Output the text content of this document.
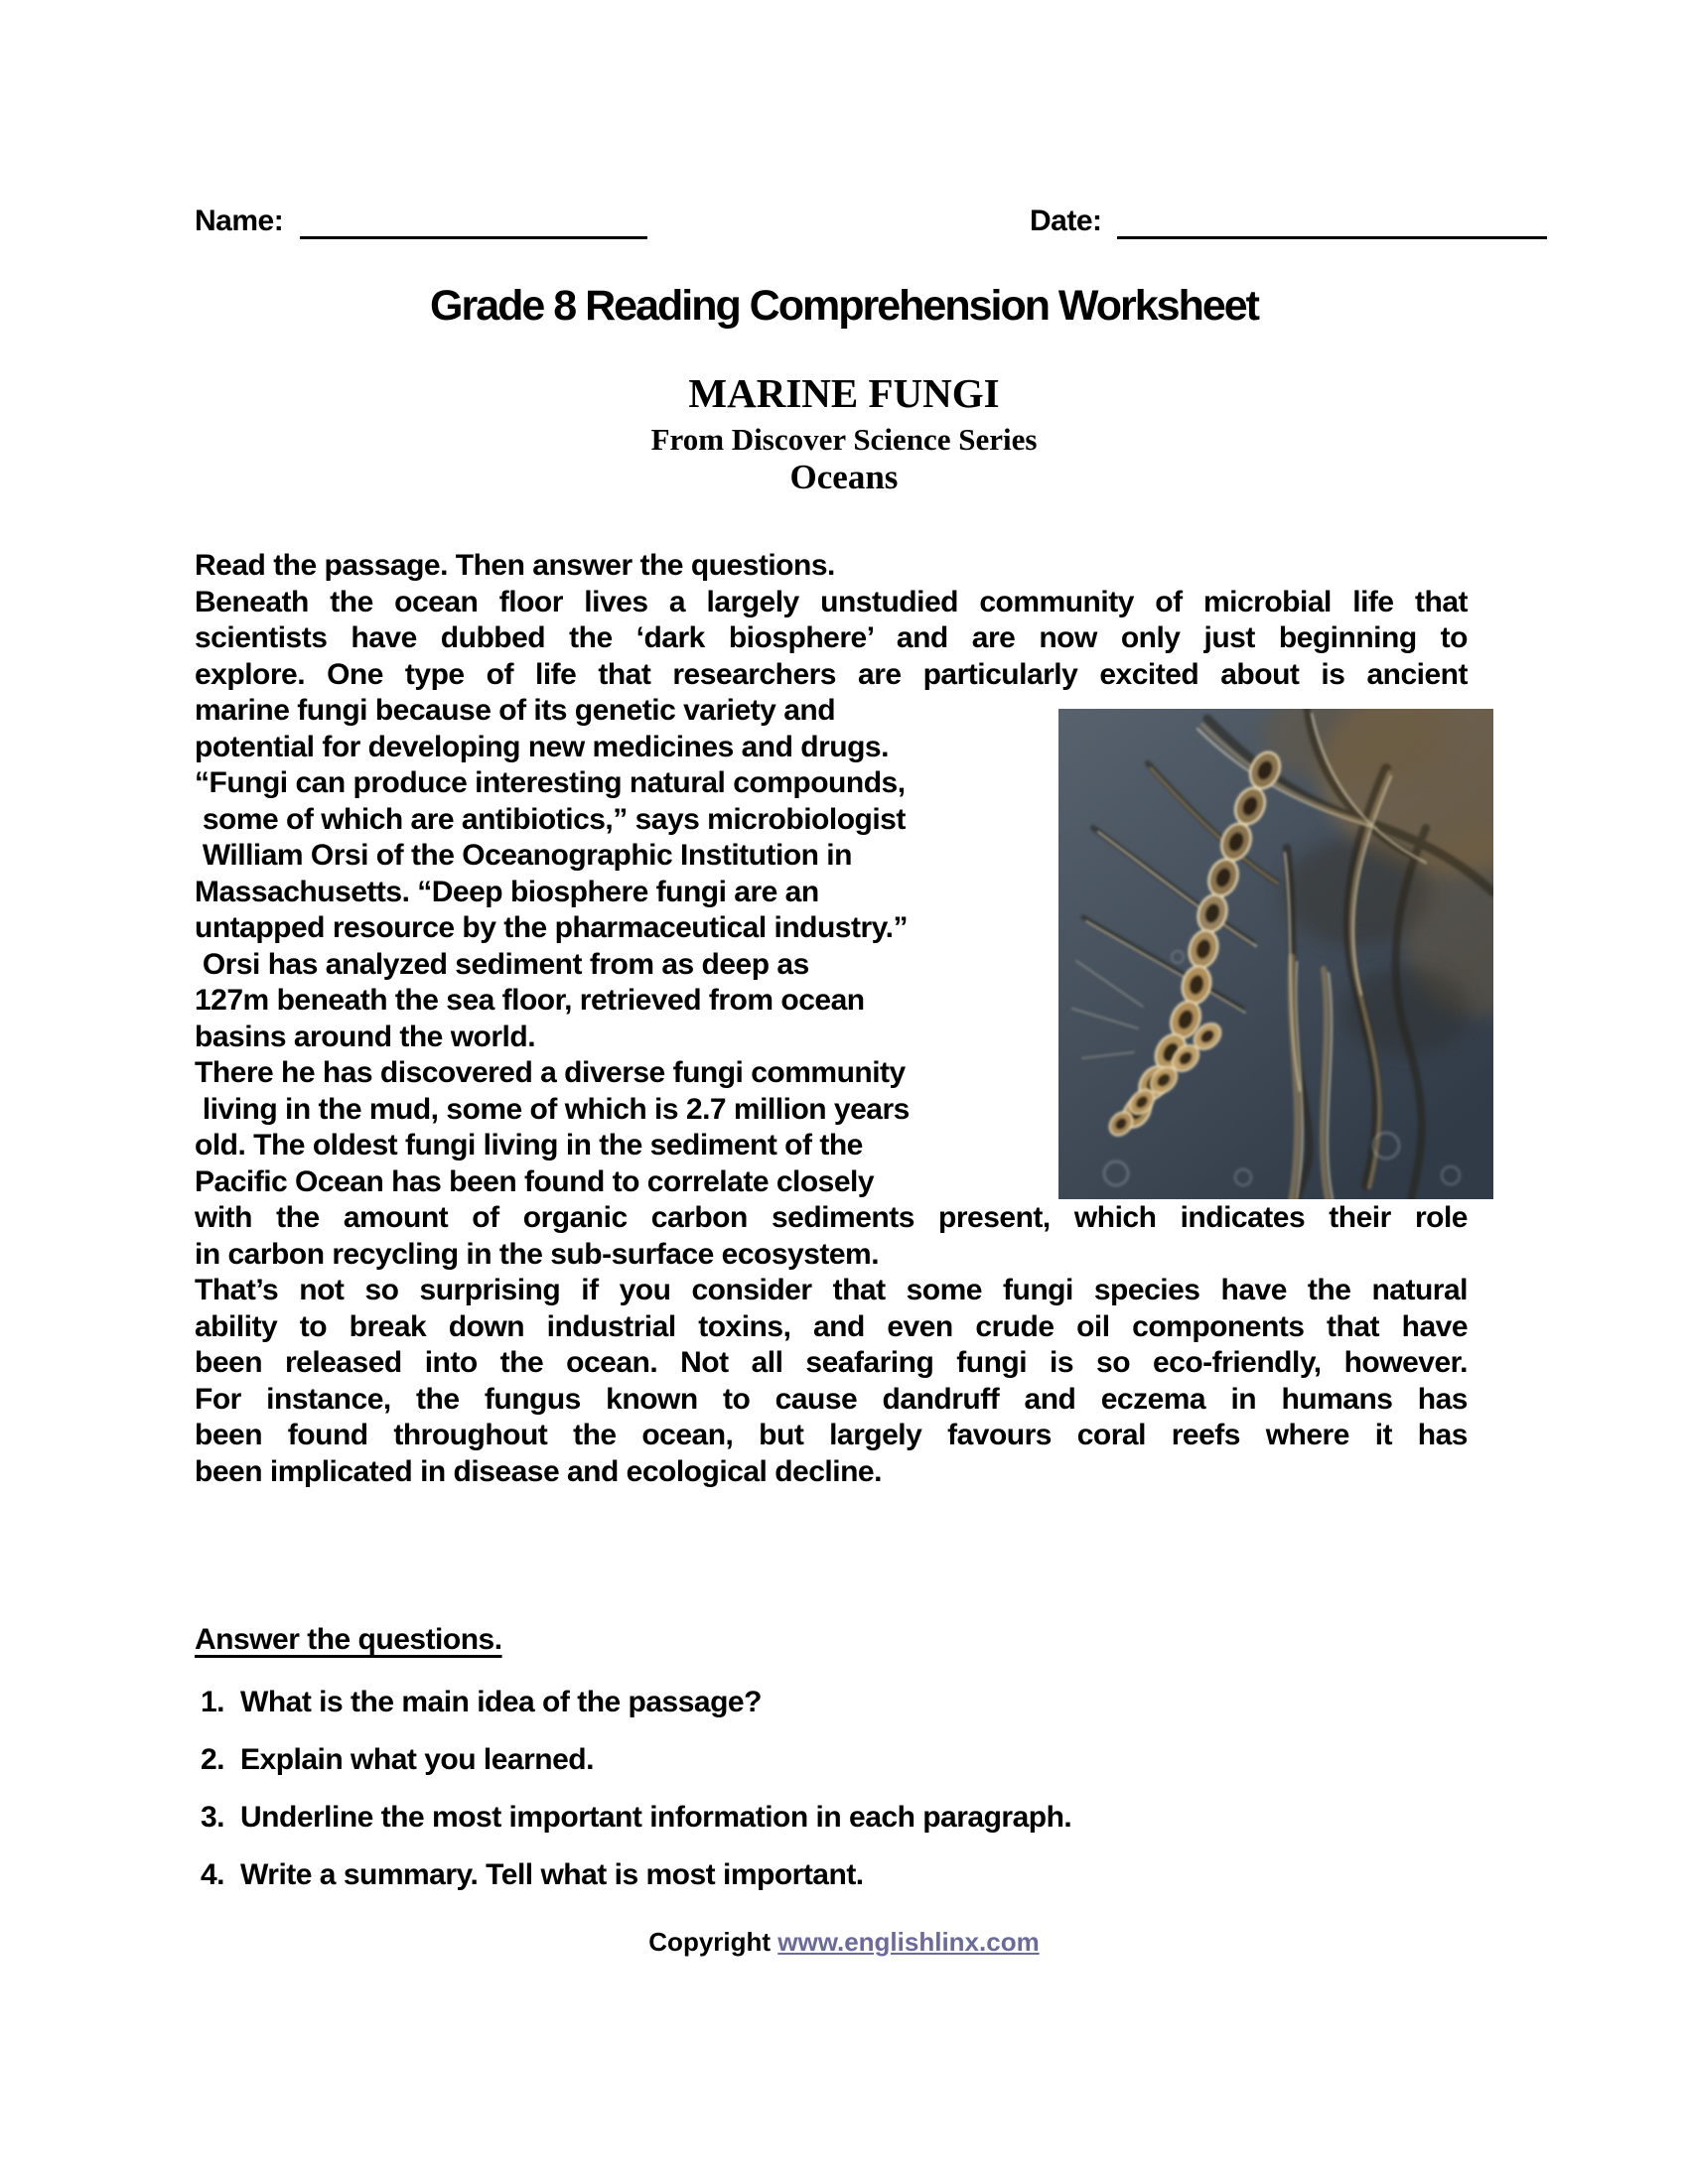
Name:	Date:
Grade 8 Reading Comprehension Worksheet
MARINE FUNGI
From Discover Science Series
Oceans
Read the passage. Then answer the questions.
Beneath the ocean floor lives a largely unstudied community of microbial life that
scientists have dubbed the ‘dark biosphere’ and are now only just beginning to
explore. One type of life that researchers are particularly excited about is ancient
marine fungi because of its genetic variety and
potential for developing new medicines and drugs.
“Fungi can produce interesting natural compounds,
some of which are antibiotics,” says microbiologist
William Orsi of the Oceanographic Institution in
Massachusetts. “Deep biosphere fungi are an
untapped resource by the pharmaceutical industry.”
Orsi has analyzed sediment from as deep as
127m beneath the sea floor, retrieved from ocean
basins around the world.
There he has discovered a diverse fungi community
living in the mud, some of which is 2.7 million years
old. The oldest fungi living in the sediment of the
Pacific Ocean has been found to correlate closely
with the amount of organic carbon sediments present, which indicates their role
in carbon recycling in the sub-surface ecosystem.
That’s not so surprising if you consider that some fungi species have the natural
ability to break down industrial toxins, and even crude oil components that have
been released into the ocean. Not all seafaring fungi is so eco-friendly, however.
For instance, the fungus known to cause dandruff and eczema in humans has
been found throughout the ocean, but largely favours coral reefs where it has
been implicated in disease and ecological decline.
Answer the questions.
1. What is the main idea of the passage?
2. Explain what you learned.
3. Underline the most important information in each paragraph.
4. Write a summary. Tell what is most important.
Copyright www.englishlinx.com
